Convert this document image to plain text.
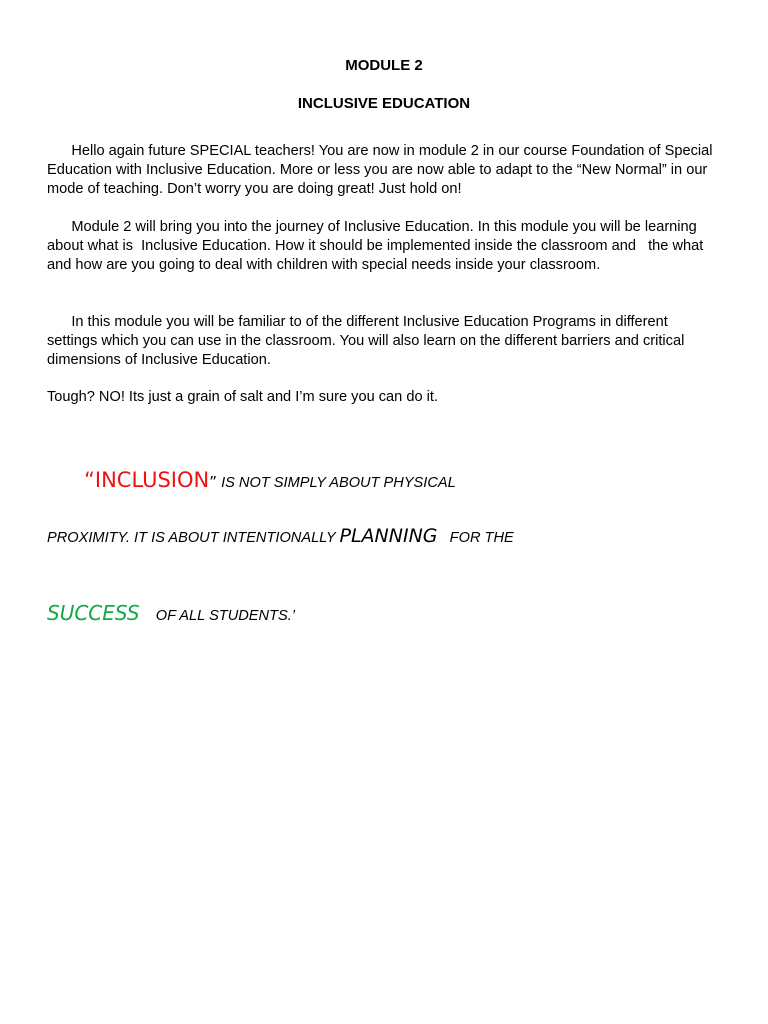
MODULE 2

INCLUSIVE EDUCATION

Hello again future SPECIAL teachers! You are now in module 2 in our course Foundation of Special Education with Inclusive Education. More or less you are now able to adapt to the “New Normal” in our mode of teaching. Don’t worry you are doing great! Just hold on!

Module 2 will bring you into the journey of Inclusive Education. In this module you will be learning about what is  Inclusive Education. How it should be implemented inside the classroom and   the what and how are you going to deal with children with special needs inside your classroom.

In this module you will be familiar to of the different Inclusive Education Programs in different settings which you can use in the classroom. You will also learn on the different barriers and critical dimensions of Inclusive Education.

Tough? NO! Its just a grain of salt and I’m sure you can do it.

“INCLUSION” IS NOT SIMPLY ABOUT PHYSICAL

PROXIMITY. IT IS ABOUT INTENTIONALLY PLANNING   FOR THE

SUCCESS    OF ALL STUDENTS.’
